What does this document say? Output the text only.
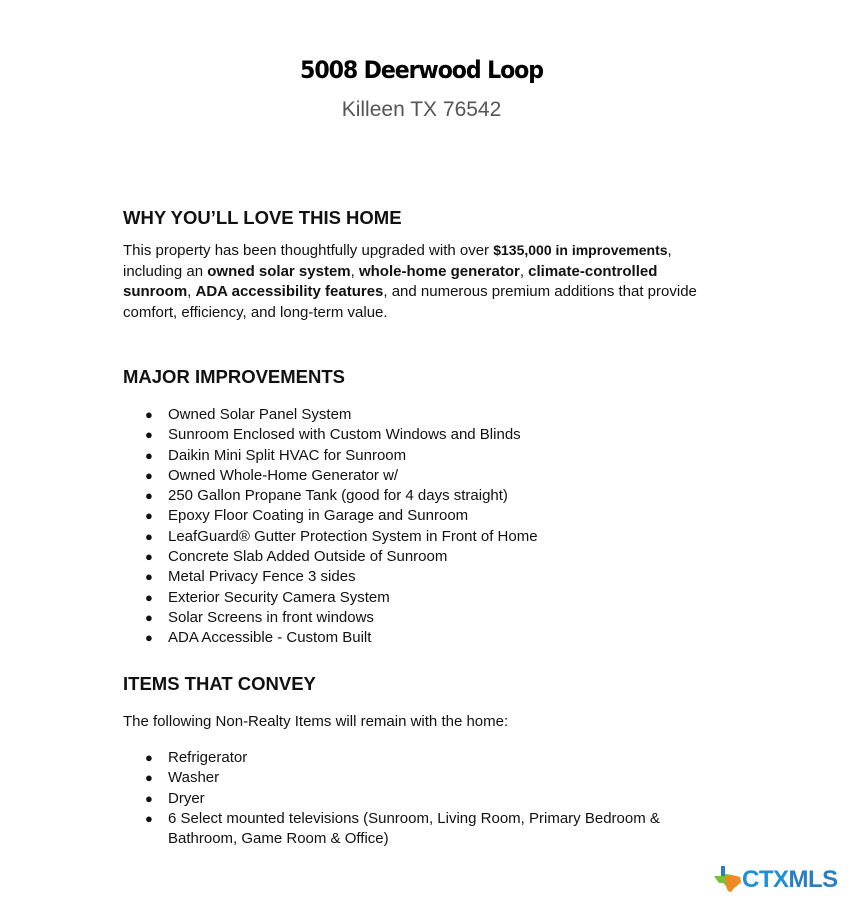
5008 Deerwood Loop
Killeen TX 76542
WHY YOU’LL LOVE THIS HOME
This property has been thoughtfully upgraded with over $135,000 in improvements,
including an owned solar system, whole-home generator, climate-controlled
sunroom, ADA accessibility features, and numerous premium additions that provide
comfort, efficiency, and long-term value.
MAJOR IMPROVEMENTS
● Owned Solar Panel System
● Sunroom Enclosed with Custom Windows and Blinds
● Daikin Mini Split HVAC for Sunroom
● Owned Whole-Home Generator w/
● 250 Gallon Propane Tank (good for 4 days straight)
● Epoxy Floor Coating in Garage and Sunroom
● LeafGuard® Gutter Protection System in Front of Home
● Concrete Slab Added Outside of Sunroom
● Metal Privacy Fence 3 sides
● Exterior Security Camera System
● Solar Screens in front windows
● ADA Accessible - Custom Built
ITEMS THAT CONVEY
The following Non-Realty Items will remain with the home:
● Refrigerator
● Washer
● Dryer
● 6 Select mounted televisions (Sunroom, Living Room, Primary Bedroom & Bathroom, Game Room & Office)
CTXMLS
